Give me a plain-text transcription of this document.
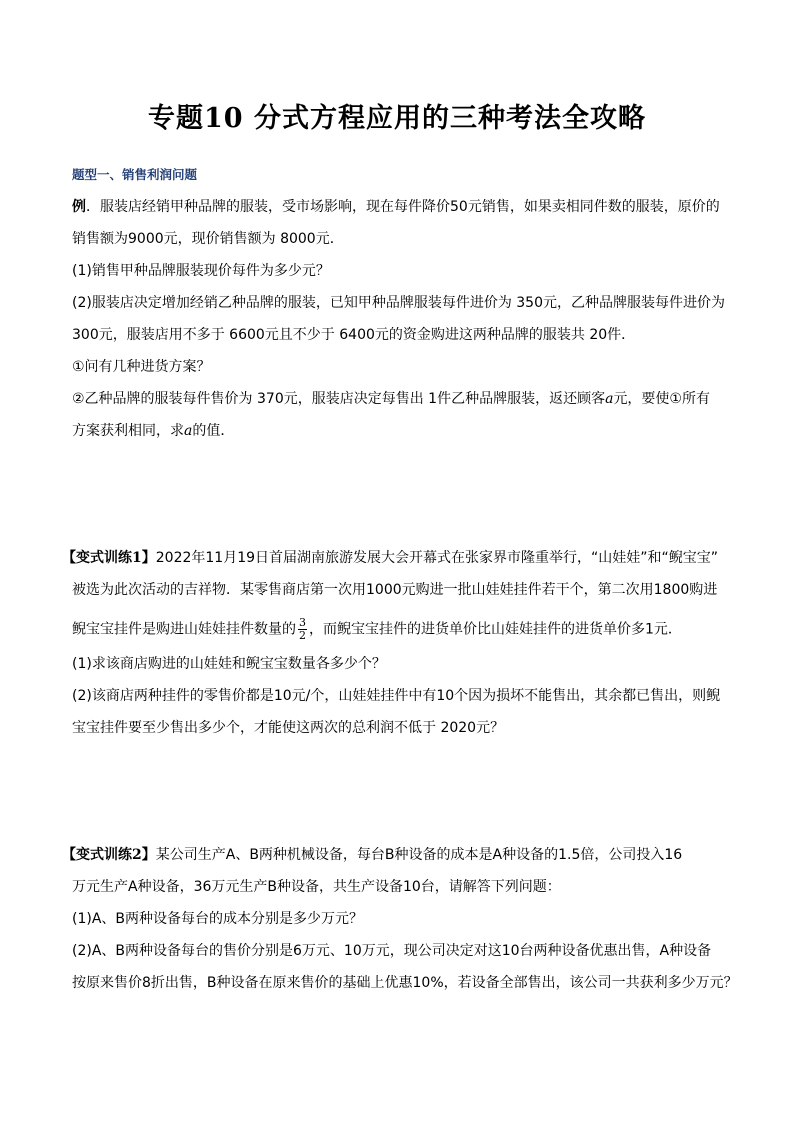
专题10 分式方程应用的三种考法全攻略
题型一、销售利润问题
例．服装店经销甲种品牌的服装，受市场影响，现在每件降价50元销售，如果卖相同件数的服装，原价的
销售额为9000元，现价销售额为 8000元．
(1)销售甲种品牌服装现价每件为多少元？
(2)服装店决定增加经销乙种品牌的服装，已知甲种品牌服装每件进价为 350元，乙种品牌服装每件进价为
300元，服装店用不多于 6600元且不少于 6400元的资金购进这两种品牌的服装共 20件．
①问有几种进货方案？
②乙种品牌的服装每件售价为 370元，服装店决定每售出 1件乙种品牌服装，返还顾客a元，要使①所有
方案获利相同，求a的值．
【变式训练1】2022年11月19日首届湖南旅游发展大会开幕式在张家界市隆重举行，“山娃娃”和“鲵宝宝”
被选为此次活动的吉祥物．某零售商店第一次用1000元购进一批山娃娃挂件若干个，第二次用1800购进
鲵宝宝挂件是购进山娃娃挂件数量的 $\frac{3}{2}$ ，而鲵宝宝挂件的进货单价比山娃娃挂件的进货单价多1元．
(1)求该商店购进的山娃娃和鲵宝宝数量各多少个？
(2)该商店两种挂件的零售价都是10元/个，山娃娃挂件中有10个因为损坏不能售出，其余都已售出，则鲵
宝宝挂件要至少售出多少个，才能使这两次的总利润不低于 2020元？
【变式训练2】某公司生产A、B两种机械设备，每台B种设备的成本是A种设备的1.5倍，公司投入16
万元生产A种设备，36万元生产B种设备，共生产设备10台，请解答下列问题：
(1)A、B两种设备每台的成本分别是多少万元？
(2)A、B两种设备每台的售价分别是6万元、10万元，现公司决定对这10台两种设备优惠出售，A种设备
按原来售价8折出售，B种设备在原来售价的基础上优惠10%，若设备全部售出，该公司一共获利多少万元？
